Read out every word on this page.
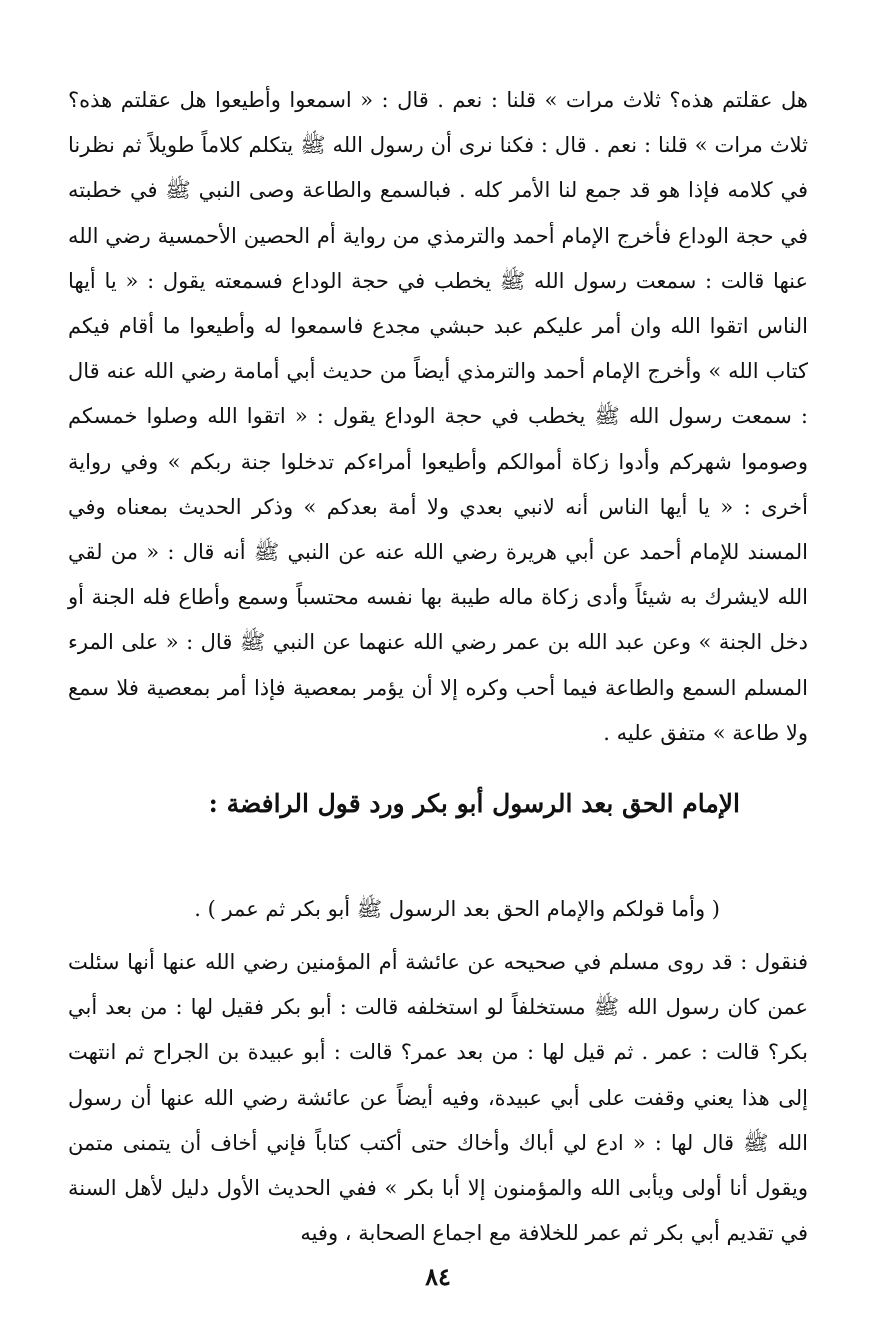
هل عقلتم هذه؟ ثلاث مرات » قلنا : نعم . قال : « اسمعوا وأطيعوا هل عقلتم هذه؟ ثلاث مرات » قلنا : نعم . قال : فكنا نرى أن رسول الله ﷺ يتكلم كلاماً طويلاً ثم نظرنا في كلامه فإذا هو قد جمع لنا الأمر كله . فبالسمع والطاعة وصى النبي ﷺ في خطبته في حجة الوداع فأخرج الإمام أحمد والترمذي من رواية أم الحصين الأحمسية رضي الله عنها قالت : سمعت رسول الله ﷺ يخطب في حجة الوداع فسمعته يقول : « يا أيها الناس اتقوا الله وان أمر عليكم عبد حبشي مجدع فاسمعوا له وأطيعوا ما أقام فيكم كتاب الله » وأخرج الإمام أحمد والترمذي أيضاً من حديث أبي أمامة رضي الله عنه قال : سمعت رسول الله ﷺ يخطب في حجة الوداع يقول : « اتقوا الله وصلوا خمسكم وصوموا شهركم وأدوا زكاة أموالكم وأطيعوا أمراءكم تدخلوا جنة ربكم » وفي رواية أخرى : « يا أيها الناس أنه لانبي بعدي ولا أمة بعدكم » وذكر الحديث بمعناه وفي المسند للإمام أحمد عن أبي هريرة رضي الله عنه عن النبي ﷺ أنه قال : « من لقي الله لايشرك به شيئاً وأدى زكاة ماله طيبة بها نفسه محتسباً وسمع وأطاع فله الجنة أو دخل الجنة » وعن عبد الله بن عمر رضي الله عنهما عن النبي ﷺ قال : « على المرء المسلم السمع والطاعة فيما أحب وكره إلا أن يؤمر بمعصية فإذا أمر بمعصية فلا سمع ولا طاعة » متفق عليه .

الإمام الحق بعد الرسول أبو بكر ورد قول الرافضة :

( وأما قولكم والإمام الحق بعد الرسول ﷺ أبو بكر ثم عمر ) .

فنقول : قد روى مسلم في صحيحه عن عائشة أم المؤمنين رضي الله عنها أنها سئلت عمن كان رسول الله ﷺ مستخلفاً لو استخلفه قالت : أبو بكر فقيل لها : من بعد أبي بكر؟ قالت : عمر . ثم قيل لها : من بعد عمر؟ قالت : أبو عبيدة بن الجراح ثم انتهت إلى هذا يعني وقفت على أبي عبيدة، وفيه أيضاً عن عائشة رضي الله عنها أن رسول الله ﷺ قال لها : « ادع لي أباك وأخاك حتى أكتب كتاباً فإني أخاف أن يتمنى متمن ويقول أنا أولى ويأبى الله والمؤمنون إلا أبا بكر » ففي الحديث الأول دليل لأهل السنة في تقديم أبي بكر ثم عمر للخلافة مع اجماع الصحابة ، وفيه

٨٤
